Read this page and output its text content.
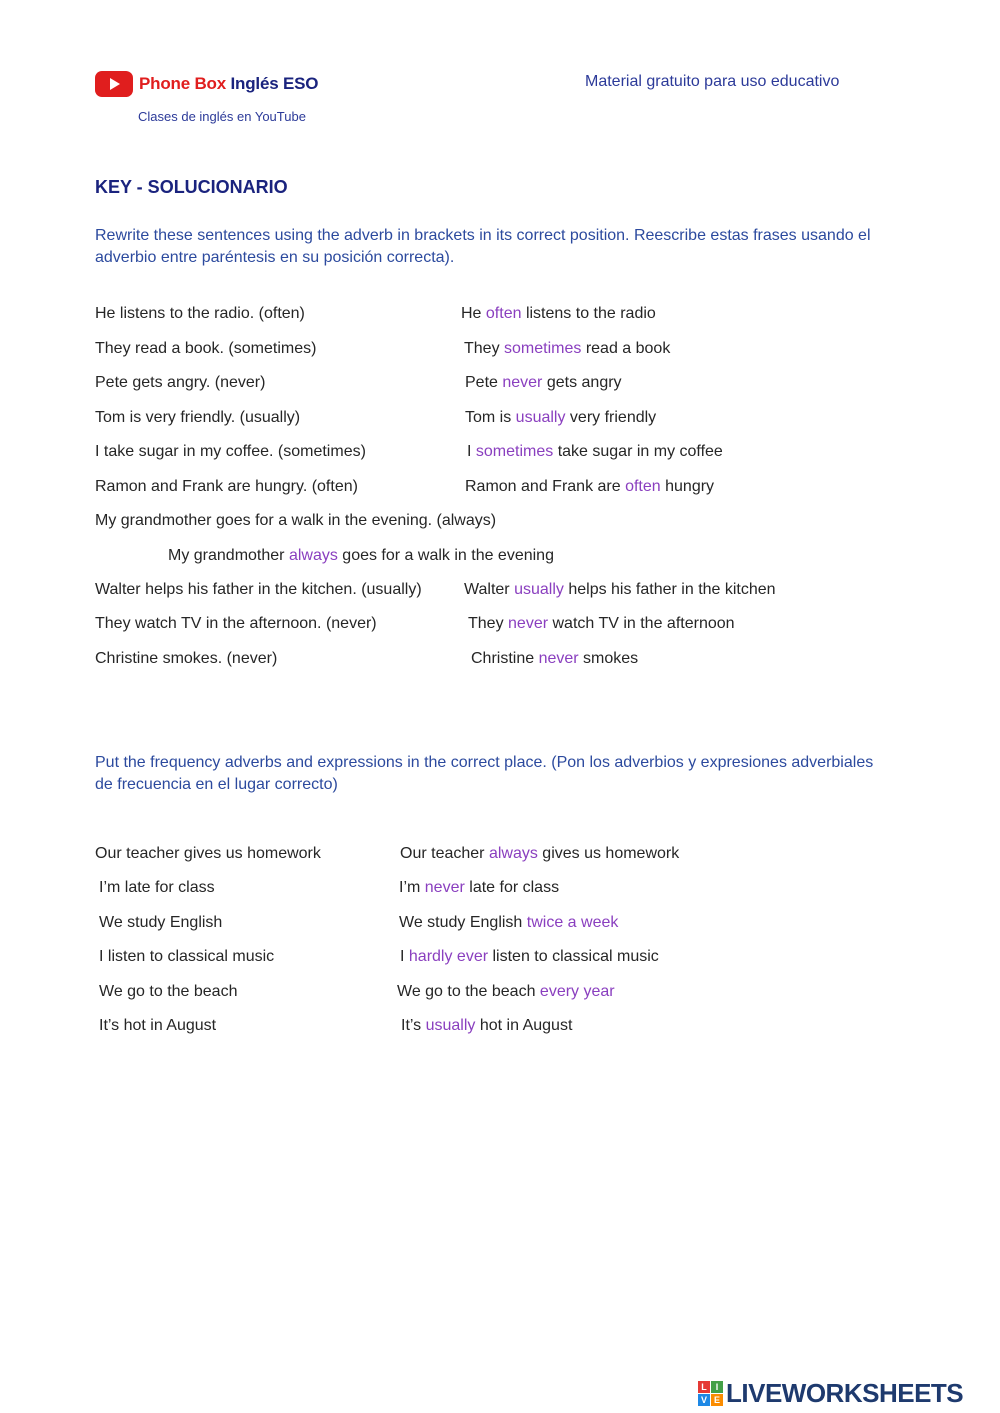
Phone Box Inglés ESO
Clases de inglés en YouTube
Material gratuito para uso educativo
KEY - SOLUCIONARIO
Rewrite these sentences using the adverb in brackets in its correct position. Reescribe estas frases usando el adverbio entre paréntesis en su posición correcta).
He listens to the radio. (often)	He often listens to the radio
They read a book. (sometimes)	They sometimes read a book
Pete gets angry. (never)	Pete never gets angry
Tom is very friendly. (usually)	Tom is usually very friendly
I take sugar in my coffee. (sometimes)	I sometimes take sugar in my coffee
Ramon and Frank are hungry. (often)	Ramon and Frank are often hungry
My grandmother goes for a walk in the evening. (always)
My grandmother always goes for a walk in the evening
Walter helps his father in the kitchen. (usually)	Walter usually helps his father in the kitchen
They watch TV in the afternoon. (never)	They never watch TV in the afternoon
Christine smokes. (never)	Christine never smokes
Put the frequency adverbs and expressions in the correct place. (Pon los adverbios y expresiones adverbiales de frecuencia en el lugar correcto)
Our teacher gives us homework	Our teacher always gives us homework
I’m late for class	I’m never late for class
We study English	We study English twice a week
I listen to classical music	I hardly ever listen to classical music
We go to the beach	We go to the beach every year
It’s hot in August	It’s usually hot in August
L I
V E LIVEWORKSHEETS
